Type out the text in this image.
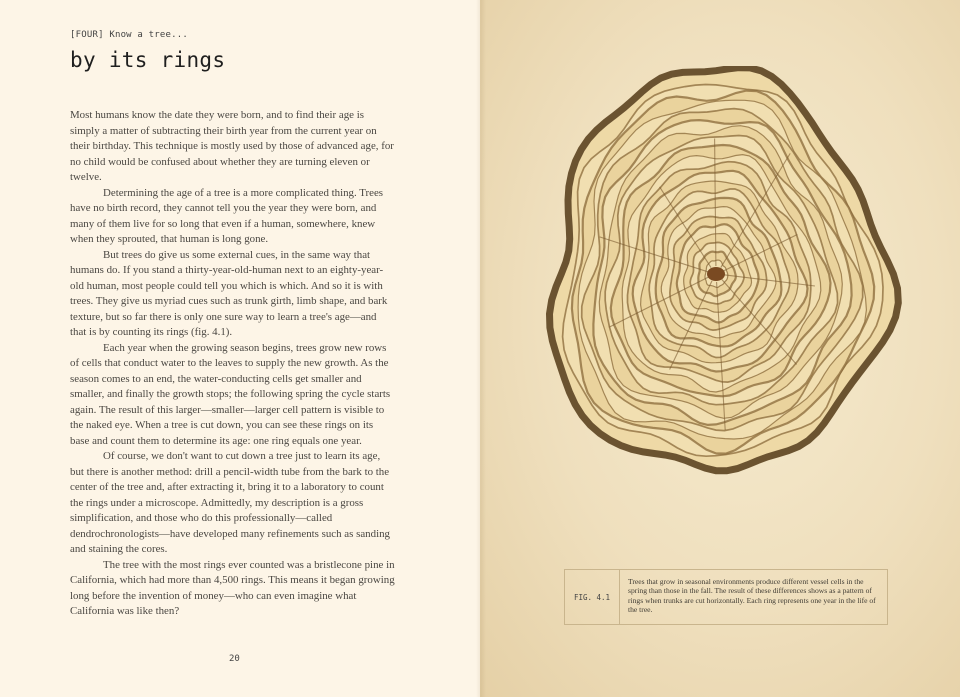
[FOUR] Know a tree...
by its rings

Most humans know the date they were born, and to find their age is simply a matter of subtracting their birth year from the current year on their birthday. This technique is mostly used by those of advanced age, for no child would be confused about whether they are turning eleven or twelve.

Determining the age of a tree is a more complicated thing. Trees have no birth record, they cannot tell you the year they were born, and many of them live for so long that even if a human, somewhere, knew when they sprouted, that human is long gone.

But trees do give us some external cues, in the same way that humans do. If you stand a thirty-year-old-human next to an eighty-year-old human, most people could tell you which is which. And so it is with trees. They give us myriad cues such as trunk girth, limb shape, and bark texture, but so far there is only one sure way to learn a tree's age—and that is by counting its rings (fig. 4.1).

Each year when the growing season begins, trees grow new rows of cells that conduct water to the leaves to supply the new growth. As the season comes to an end, the water-conducting cells get smaller and smaller, and finally the growth stops; the following spring the cycle starts again. The result of this larger—smaller—larger cell pattern is visible to the naked eye. When a tree is cut down, you can see these rings on its base and count them to determine its age: one ring equals one year.

Of course, we don't want to cut down a tree just to learn its age, but there is another method: drill a pencil-width tube from the bark to the center of the tree and, after extracting it, bring it to a laboratory to count the rings under a microscope. Admittedly, my description is a gross simplification, and those who do this professionally—called dendrochronologists—have developed many refinements such as sanding and staining the cores.

The tree with the most rings ever counted was a bristlecone pine in California, which had more than 4,500 rings. This means it began growing long before the invention of money—who can even imagine what California was like then?

20
FIG. 4.1
Trees that grow in seasonal environments produce different vessel cells in the spring than those in the fall. The result of these differences shows as a pattern of rings when trunks are cut horizontally. Each ring represents one year in the life of the tree.
